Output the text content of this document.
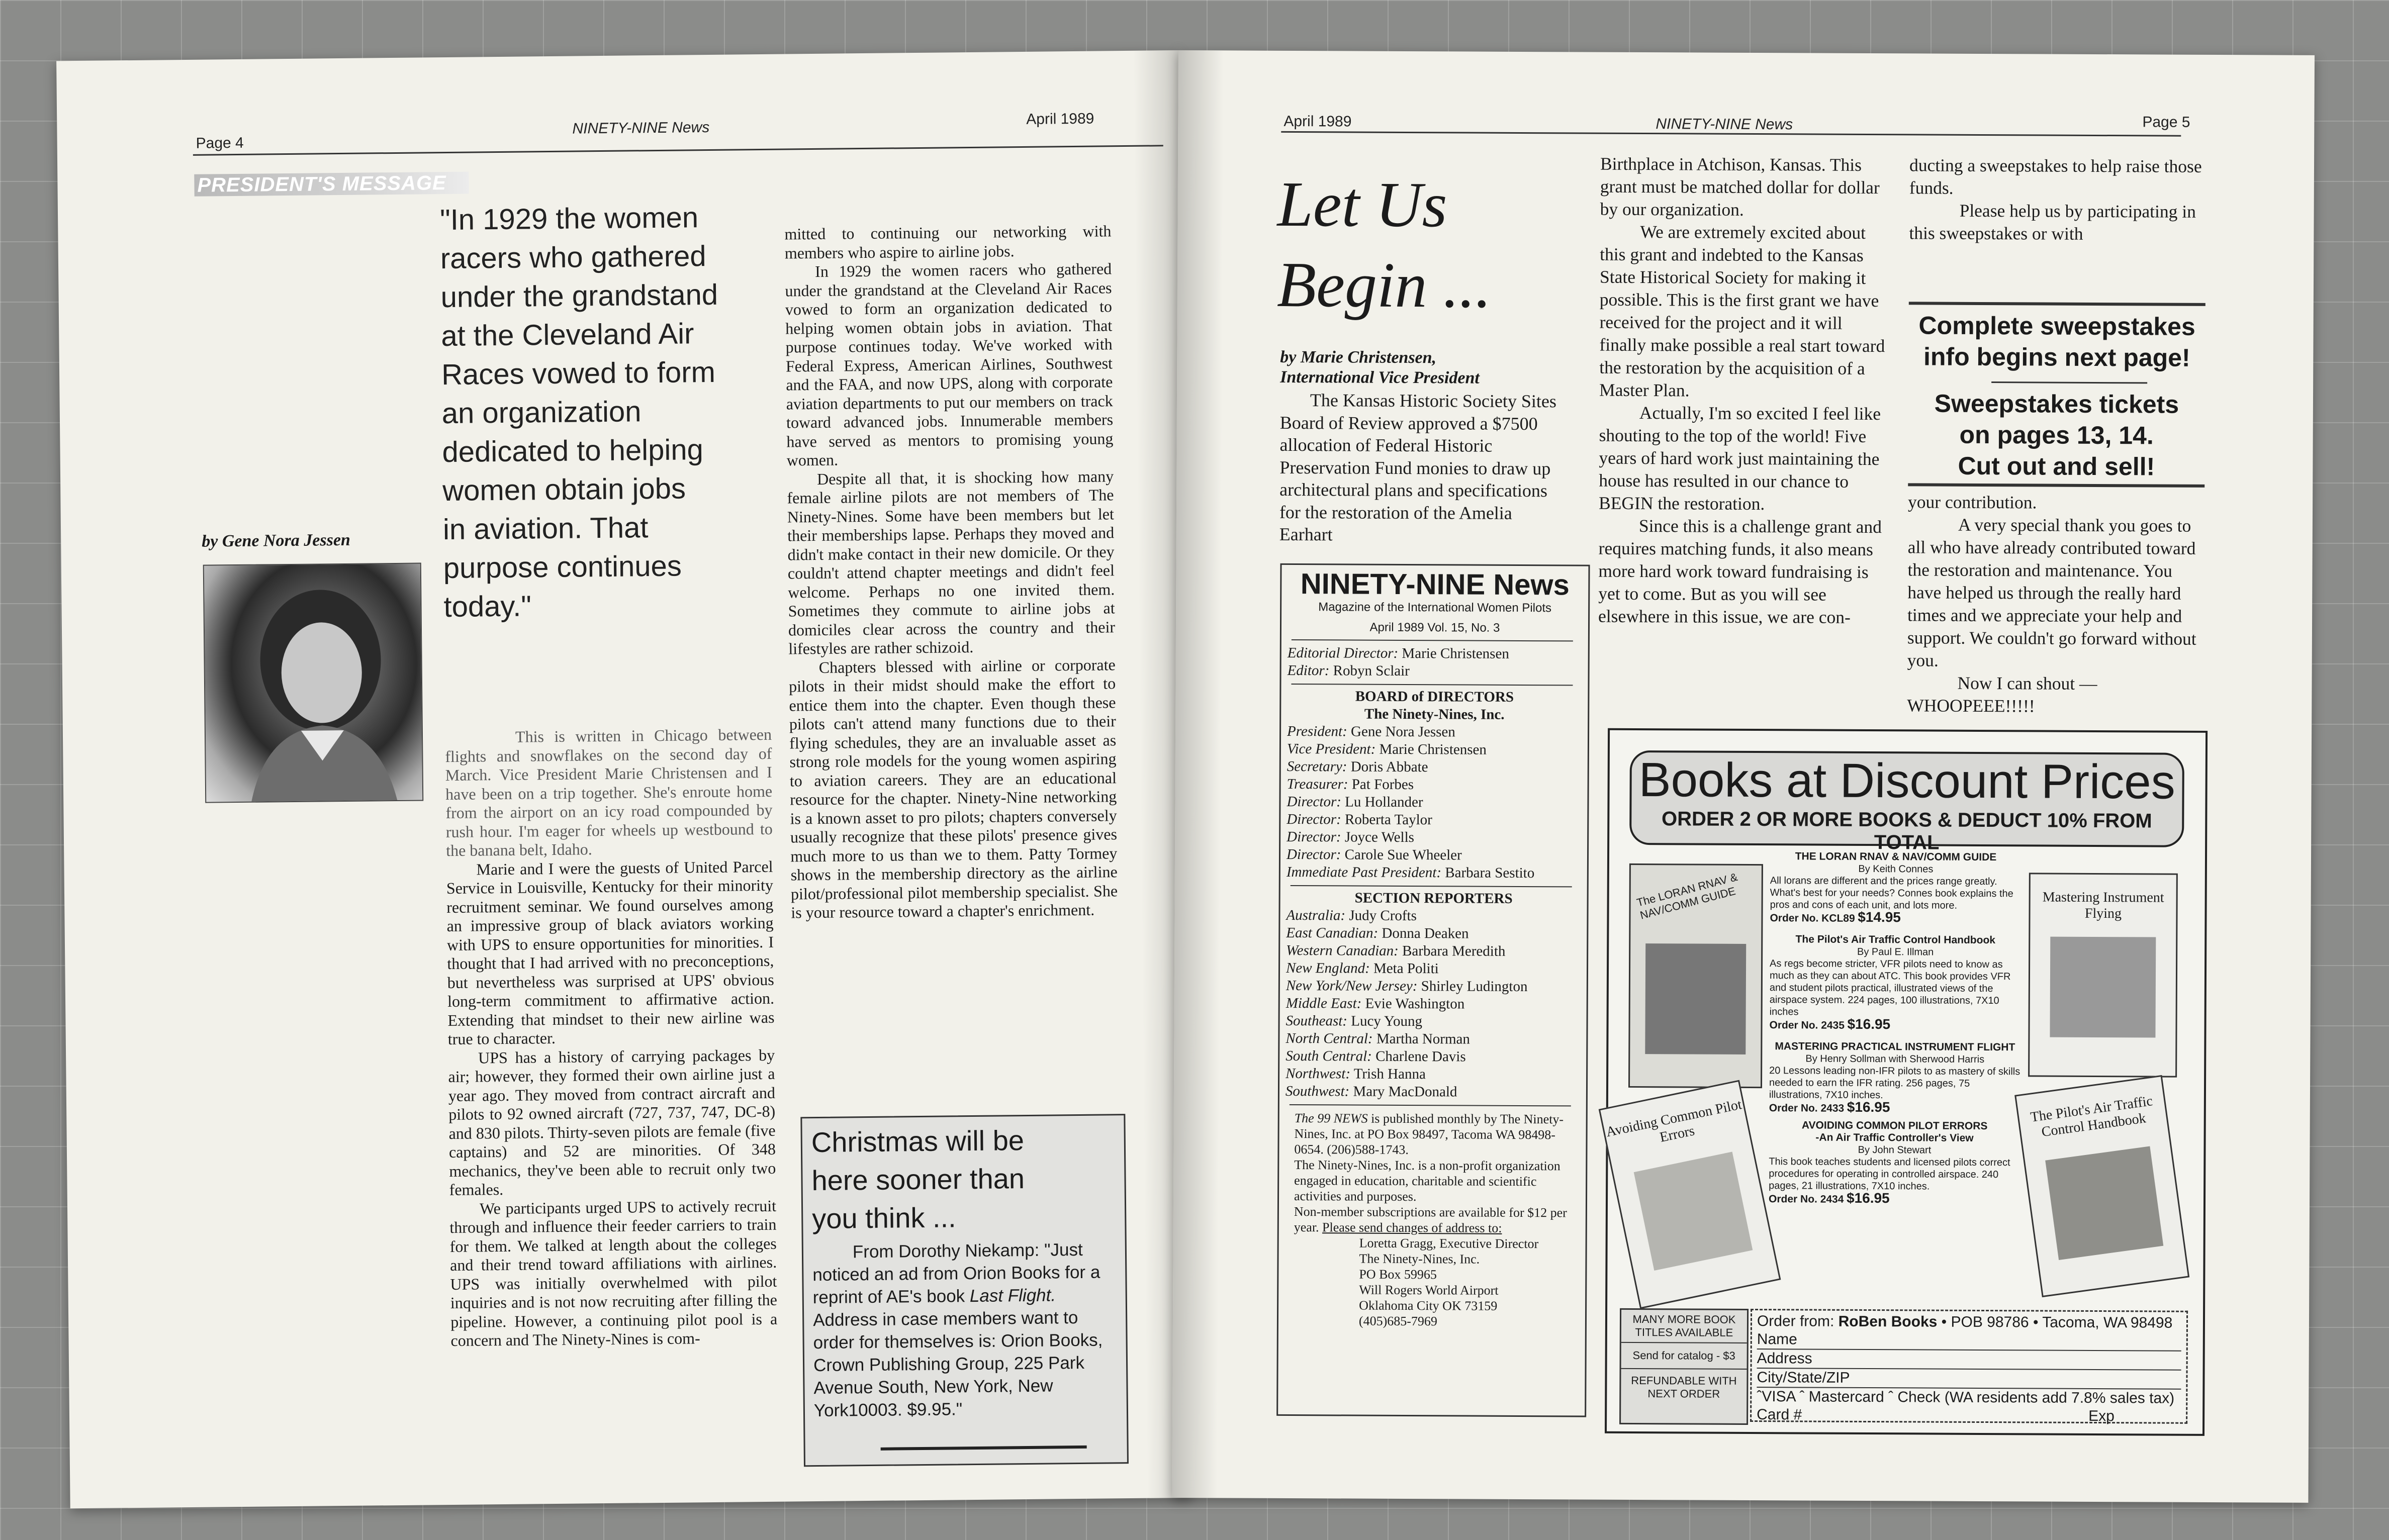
Page 4
NINETY-NINE News
April 1989
PRESIDENT'S MESSAGE
"In 1929 the women
racers who gathered
under the grandstand
at the Cleveland Air
Races vowed to form
an organization
dedicated to helping
women obtain jobs
in aviation. That
purpose continues
today."
by Gene Nora Jessen

This is written in Chicago between flights and snowflakes on the second day of March. Vice President Marie Christensen and I have been on a trip together. She's enroute home from the airport on an icy road compounded by rush hour. I'm eager for wheels up westbound to the banana belt, Idaho.

Marie and I were the guests of United Parcel Service in Louisville, Kentucky for their minority recruitment seminar. We found ourselves among an impressive group of black aviators working with UPS to ensure opportunities for minorities. I thought that I had arrived with no preconceptions, but nevertheless was surprised at UPS' obvious long-term commitment to affirmative action. Extending that mindset to their new airline was true to character.

UPS has a history of carrying packages by air; however, they formed their own airline just a year ago. They moved from contract aircraft and pilots to 92 owned aircraft (727, 737, 747, DC-8) and 830 pilots. Thirty-seven pilots are female (five captains) and 52 are minorities. Of 348 mechanics, they've been able to recruit only two females.

We participants urged UPS to actively recruit through and influence their feeder carriers to train for them. We talked at length about the colleges and their trend toward affiliations with airlines. UPS was initially overwhelmed with pilot inquiries and is not now recruiting after filling the pipeline. However, a continuing pilot pool is a concern and The Ninety-Nines is com-

mitted to continuing our networking with members who aspire to airline jobs.

In 1929 the women racers who gathered under the grandstand at the Cleveland Air Races vowed to form an organization dedicated to helping women obtain jobs in aviation. That purpose continues today. We've worked with Federal Express, American Airlines, Southwest and the FAA, and now UPS, along with corporate aviation departments to put our members on track toward advanced jobs. Innumerable members have served as mentors to promising young women.

Despite all that, it is shocking how many female airline pilots are not members of The Ninety-Nines. Some have been members but let their memberships lapse. Perhaps they moved and didn't make contact in their new domicile. Or they couldn't attend chapter meetings and didn't feel welcome. Perhaps no one invited them. Sometimes they commute to airline jobs at domiciles clear across the country and their lifestyles are rather schizoid.

Chapters blessed with airline or corporate pilots in their midst should make the effort to entice them into the chapter. Even though these pilots can't attend many functions due to their flying schedules, they are an invaluable asset as strong role models for the young women aspiring to aviation careers. They are an educational resource for the chapter. Ninety-Nine networking is a known asset to pro pilots; chapters conversely usually recognize that these pilots' presence gives much more to us than we to them. Patty Tormey shows in the membership directory as the airline pilot/professional pilot membership specialist. She is your resource toward a chapter's enrichment.

Christmas will be
here sooner than
you think ...
From Dorothy Niekamp: "Just noticed an ad from Orion Books for a reprint of AE's book Last Flight. Address in case members want to order for themselves is: Orion Books, Crown Publishing Group, 225 Park Avenue South, New York, New York10003. $9.95."
April 1989	NINETY-NINE News	Page 5
Let Us
Begin ...
by Marie Christensen,
International Vice President

The Kansas Historic Society Sites Board of Review approved a $7500 allocation of Federal Historic Preservation Fund monies to draw up architectural plans and specifications for the restoration of the Amelia Earhart

NINETY-NINE News
Magazine of the International Women Pilots
April 1989 Vol. 15, No. 3
Editorial Director: Marie Christensen
Editor: Robyn Sclair
BOARD of DIRECTORS
The Ninety-Nines, Inc.
President: Gene Nora Jessen
Vice President: Marie Christensen
Secretary: Doris Abbate
Treasurer: Pat Forbes
Director: Lu Hollander
Director: Roberta Taylor
Director: Joyce Wells
Director: Carole Sue Wheeler
Immediate Past President: Barbara Sestito
SECTION REPORTERS
Australia: Judy Crofts
East Canadian: Donna Deaken
Western Canadian: Barbara Meredith
New England: Meta Politi
New York/New Jersey: Shirley Ludington
Middle East: Evie Washington
Southeast: Lucy Young
North Central: Martha Norman
South Central: Charlene Davis
Northwest: Trish Hanna
Southwest: Mary MacDonald
The 99 NEWS is published monthly by The Ninety-Nines, Inc. at PO Box 98497, Tacoma WA 98498-0654. (206)588-1743.
The Ninety-Nines, Inc. is a non-profit organization engaged in education, charitable and scientific activities and purposes.
Non-member subscriptions are available for $12 per year. Please send changes of address to:
Loretta Gragg, Executive Director
The Ninety-Nines, Inc.
PO Box 59965
Will Rogers World Airport
Oklahoma City OK 73159
(405)685-7969

Birthplace in Atchison, Kansas. This grant must be matched dollar for dollar by our organization.

We are extremely excited about this grant and indebted to the Kansas State Historical Society for making it possible. This is the first grant we have received for the project and it will finally make possible a real start toward the restoration by the acquisition of a Master Plan.

Actually, I'm so excited I feel like shouting to the top of the world! Five years of hard work just maintaining the house has resulted in our chance to BEGIN the restoration.

Since this is a challenge grant and requires matching funds, it also means more hard work toward fundraising is yet to come. But as you will see elsewhere in this issue, we are con-

ducting a sweepstakes to help raise those funds.

Please help us by participating in this sweepstakes or with

Complete sweepstakes
info begins next page!
Sweepstakes tickets
on pages 13, 14.
Cut out and sell!

your contribution.

A very special thank you goes to all who have already contributed toward the restoration and maintenance. You have helped us through the really hard times and we appreciate your help and support. We couldn't go forward without you.

Now I can shout —

WHOOPEEE!!!!!

Books at Discount Prices
ORDER 2 OR MORE BOOKS & DEDUCT 10% FROM TOTAL
The LORAN RNAV & NAV/COMM GUIDE	Mastering Instrument Flying
Avoiding Common Pilot Errors
The Pilot's Air Traffic Control Handbook
THE LORAN RNAV & NAV/COMM GUIDE
By Keith Connes
All lorans are different and the prices range greatly. What's best for your needs? Connes book explains the pros and cons of each unit, and lots more.
Order No. KCL89 $14.95
The Pilot's Air Traffic Control Handbook
By Paul E. Illman
As regs become stricter, VFR pilots need to know as much as they can about ATC. This book provides VFR and student pilots practical, illustrated views of the airspace system. 224 pages, 100 illustrations, 7X10 inches
Order No. 2435 $16.95
MASTERING PRACTICAL INSTRUMENT FLIGHT
By Henry Sollman with Sherwood Harris
20 Lessons leading non-IFR pilots to as mastery of skills needed to earn the IFR rating. 256 pages, 75 illustrations, 7X10 inches.
Order No. 2433 $16.95
AVOIDING COMMON PILOT ERRORS
-An Air Traffic Controller's View
By John Stewart
This book teaches students and licensed pilots correct procedures for operating in controlled airspace. 240 pages, 21 illustrations, 7X10 inches.
Order No. 2434 $16.95
MANY MORE BOOK TITLES AVAILABLE
Send for catalog - $3
REFUNDABLE WITH NEXT ORDER
Order from: RoBen Books • POB 98786 • Tacoma, WA 98498
Name
Address
City/State/ZIP
ˆVISA ˆ Mastercard ˆ Check (WA residents add 7.8% sales tax)
Card #	Exp
